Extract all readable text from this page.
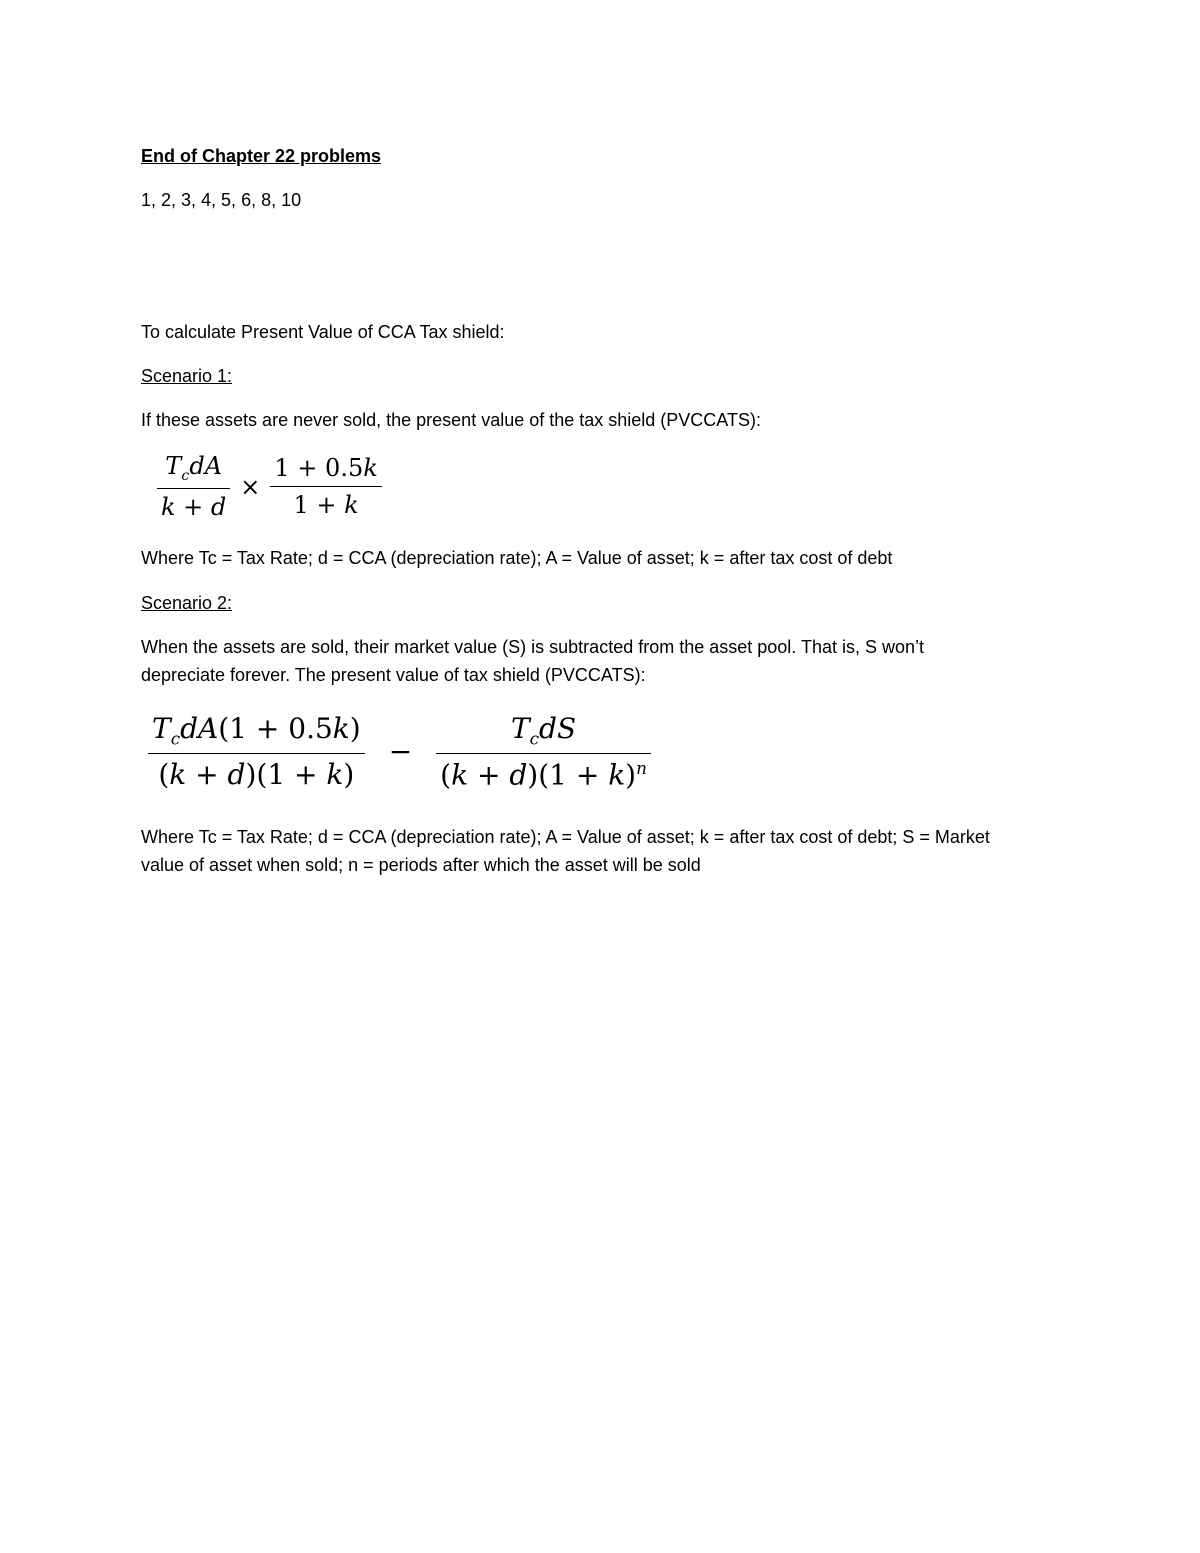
End of Chapter 22 problems
1, 2, 3, 4, 5, 6, 8, 10
To calculate Present Value of CCA Tax shield:
Scenario 1:
If these assets are never sold, the present value of the tax shield (PVCCATS):
$\frac{T_cdA}{k + d} \times \frac{1 + 0.5k}{1 + k}$
Where Tc = Tax Rate; d = CCA (depreciation rate); A = Value of asset; k = after tax cost of debt
Scenario 2:
When the assets are sold, their market value (S) is subtracted from the asset pool. That is, S won’t
depreciate forever. The present value of tax shield (PVCCATS):
$\frac{T_cdA(1 + 0.5k)}{(k + d)(1 + k)} - \frac{T_cdS}{(k + d)(1 + k)^n}$
Where Tc = Tax Rate; d = CCA (depreciation rate); A = Value of asset; k = after tax cost of debt; S = Market
value of asset when sold; n = periods after which the asset will be sold
